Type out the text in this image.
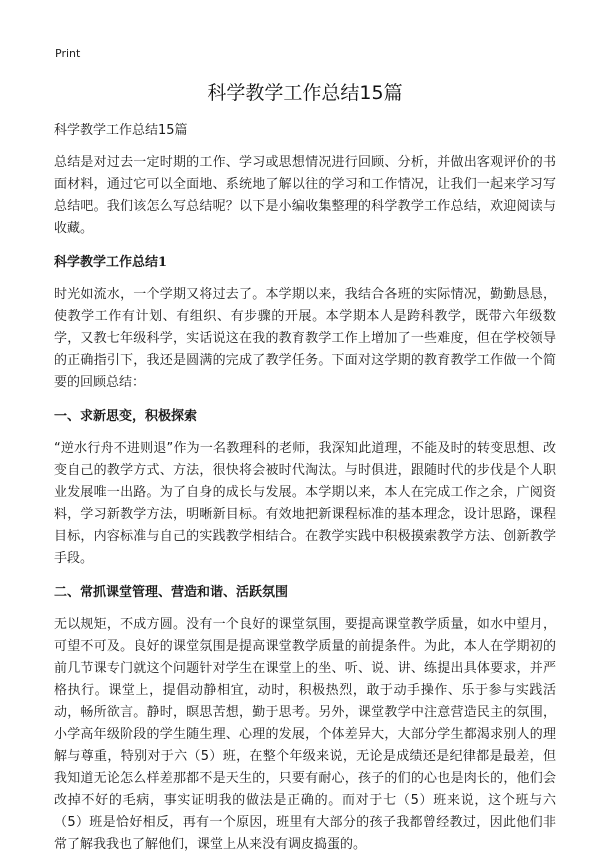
Print
科学教学工作总结15篇

科学教学工作总结15篇

总结是对过去一定时期的工作、学习或思想情况进行回顾、分析，并做出客观评价的书面材料，通过它可以全面地、系统地了解以往的学习和工作情况，让我们一起来学习写总结吧。我们该怎么写总结呢？以下是小编收集整理的科学教学工作总结，欢迎阅读与收藏。

科学教学工作总结1

时光如流水，一个学期又将过去了。本学期以来，我结合各班的实际情况，勤勤恳恳，使教学工作有计划、有组织、有步骤的开展。本学期本人是跨科教学，既带六年级数学，又教七年级科学，实话说这在我的教育教学工作上增加了一些难度，但在学校领导的正确指引下，我还是圆满的完成了教学任务。下面对这学期的教育教学工作做一个简要的回顾总结：

一、求新思变，积极探索

“逆水行舟不进则退”作为一名教理科的老师，我深知此道理，不能及时的转变思想、改变自己的教学方式、方法，很快将会被时代淘汰。与时俱进，跟随时代的步伐是个人职业发展唯一出路。为了自身的成长与发展。本学期以来，本人在完成工作之余，广阅资料，学习新教学方法，明晰新目标。有效地把新课程标准的基本理念，设计思路，课程目标，内容标准与自己的实践教学相结合。在教学实践中积极摸索教学方法、创新教学手段。

二、常抓课堂管理、营造和谐、活跃氛围

无以规矩，不成方圆。没有一个良好的课堂氛围，要提高课堂教学质量，如水中望月，可望不可及。良好的课堂氛围是提高课堂教学质量的前提条件。为此，本人在学期初的前几节课专门就这个问题针对学生在课堂上的坐、听、说、讲、练提出具体要求，并严格执行。课堂上，提倡动静相宜，动时，积极热烈，敢于动手操作、乐于参与实践活动，畅所欲言。静时，瞑思苦想，勤于思考。另外，课堂教学中注意营造民主的氛围，小学高年级阶段的学生随生理、心理的发展，个体差异大，大部分学生都渴求别人的理解与尊重，特别对于六（5）班，在整个年级来说，无论是成绩还是纪律都是最差，但我知道无论怎么样差那都不是天生的，只要有耐心，孩子的们的心也是肉长的，他们会改掉不好的毛病，事实证明我的做法是正确的。而对于七（5）班来说，这个班与六（5）班是恰好相反，再有一个原因，班里有大部分的孩子我都曾经教过，因此他们非常了解我我也了解他们，课堂上从来没有调皮捣蛋的。
